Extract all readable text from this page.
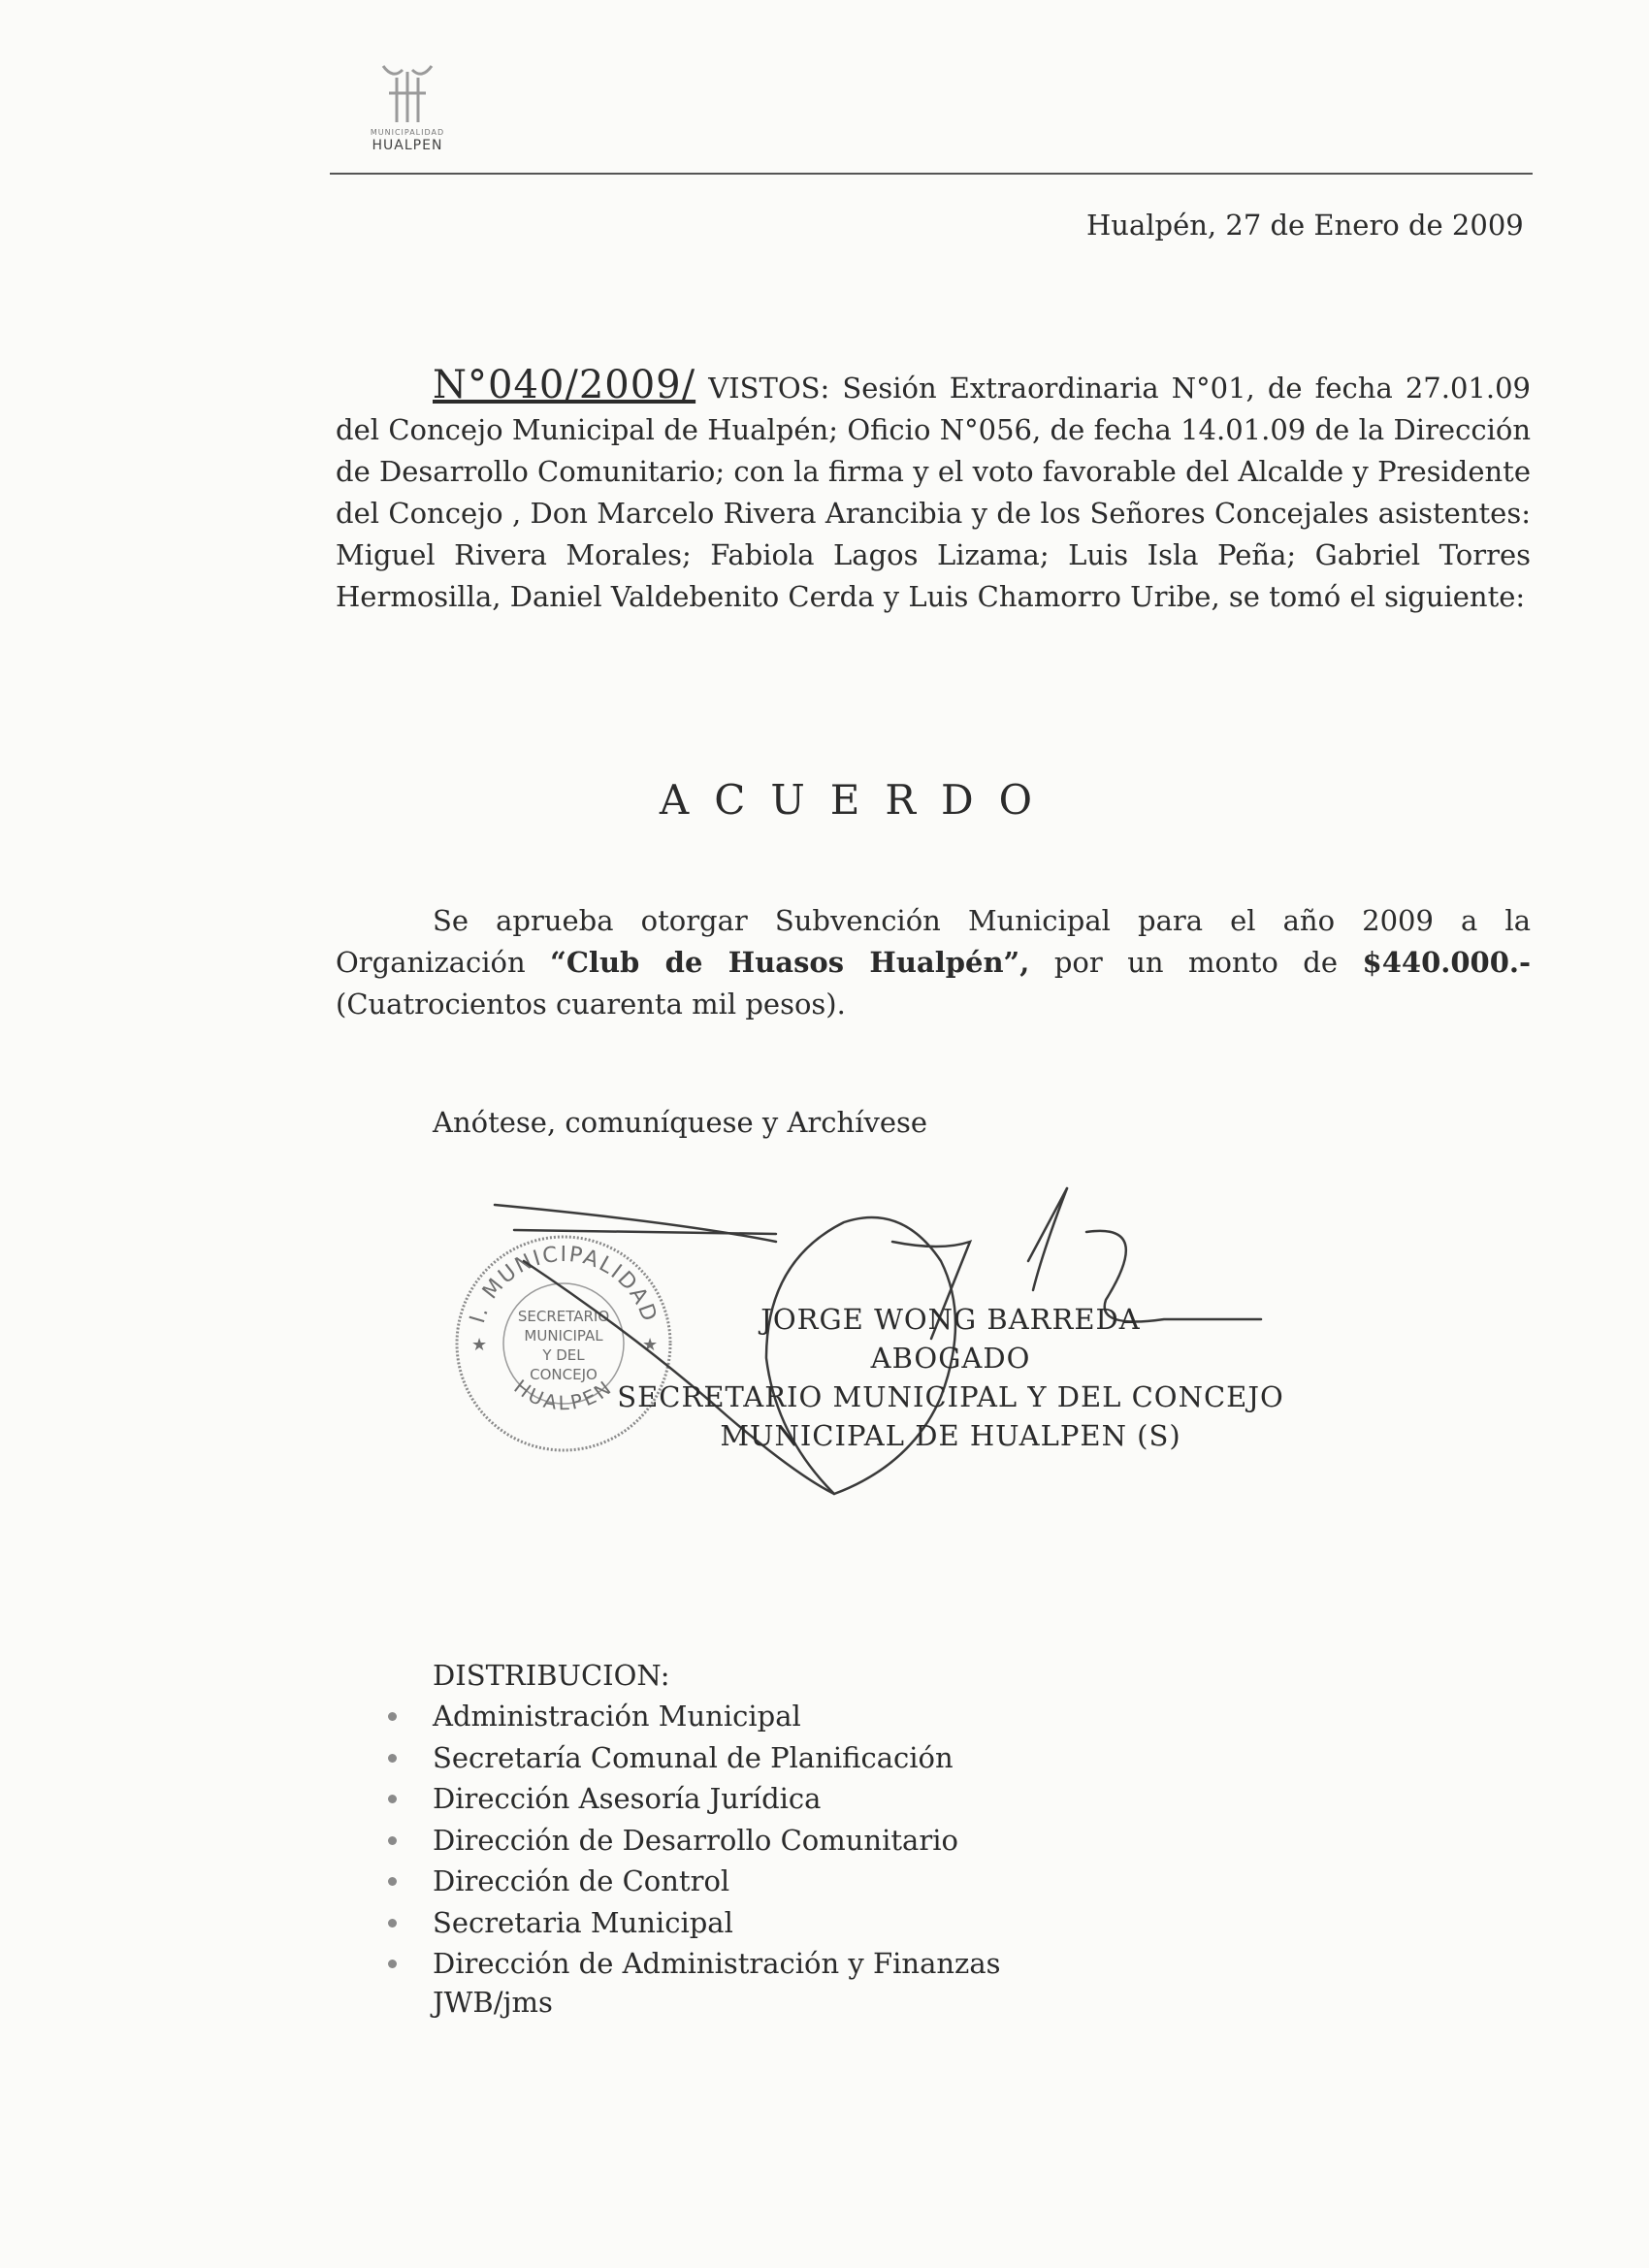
MUNICIPALIDAD
HUALPEN
Hualpén, 27 de Enero de 2009
N°040/2009/ VISTOS: Sesión Extraordinaria N°01, de fecha 27.01.09 del Concejo Municipal de Hualpén; Oficio N°056, de fecha 14.01.09 de la Dirección de Desarrollo Comunitario; con la firma y el voto favorable del Alcalde y Presidente del Concejo , Don Marcelo Rivera Arancibia y de los Señores Concejales asistentes: Miguel Rivera Morales; Fabiola Lagos Lizama; Luis Isla Peña; Gabriel Torres Hermosilla, Daniel Valdebenito Cerda y Luis Chamorro Uribe, se tomó el siguiente:
ACUERDO
Se aprueba otorgar Subvención Municipal para el año 2009 a la Organización “Club de Huasos Hualpén”, por un monto de $440.000.- (Cuatrocientos cuarenta mil pesos).
Anótese, comuníquese y Archívese
I. MUNICIPALIDAD
HUALPEN
SECRETARIO
MUNICIPAL
Y DEL
CONCEJO
★	★
JORGE WONG BARREDA
ABOGADO
SECRETARIO MUNICIPAL Y DEL CONCEJO
MUNICIPAL DE HUALPEN (S)
DISTRIBUCION:
Administración Municipal
Secretaría Comunal de Planificación
Dirección Asesoría Jurídica
Dirección de Desarrollo Comunitario
Dirección de Control
Secretaria Municipal
Dirección de Administración y Finanzas
JWB/jms
